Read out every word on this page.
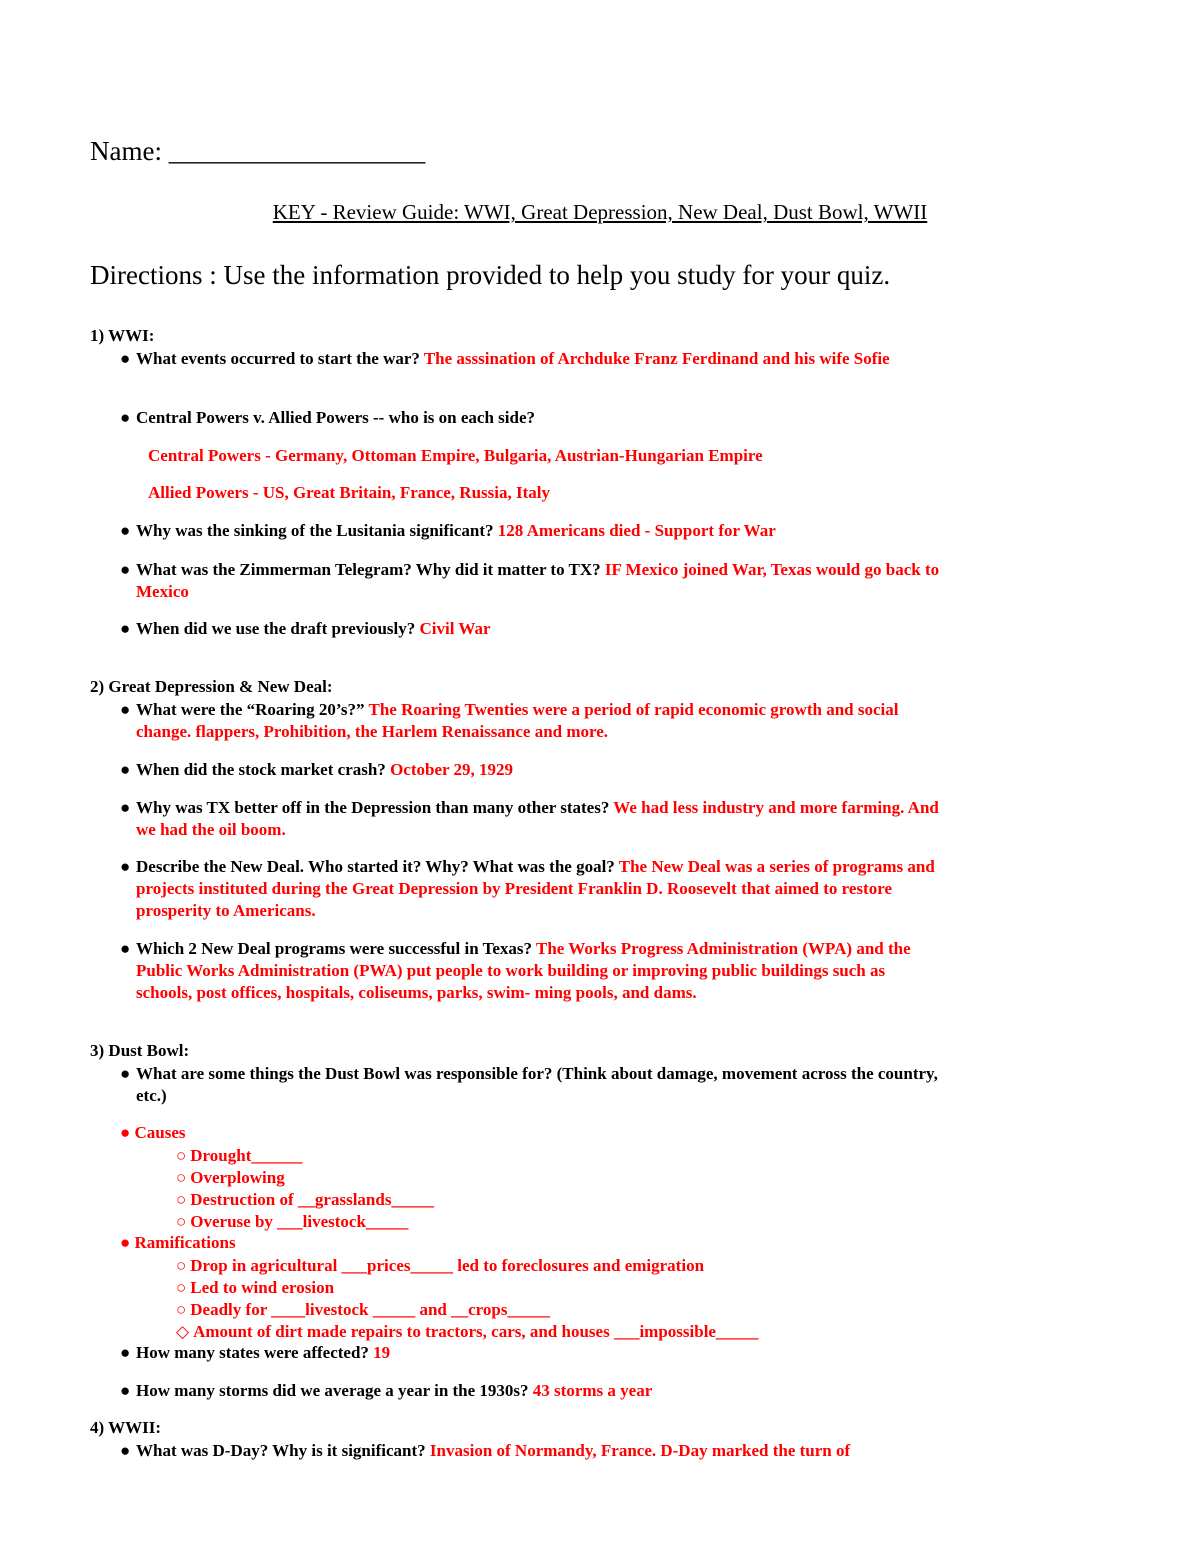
Name: ___________________
KEY - Review Guide: WWI, Great Depression, New Deal, Dust Bowl, WWII
Directions : Use the information provided to help you study for your quiz.
1) WWI:
● What events occurred to start the war? The asssination of Archduke Franz Ferdinand and his wife Sofie
● Central Powers v. Allied Powers -- who is on each side?
Central Powers - Germany, Ottoman Empire, Bulgaria, Austrian-Hungarian Empire
Allied Powers - US, Great Britain, France, Russia, Italy
● Why was the sinking of the Lusitania significant? 128 Americans died - Support for War
● What was the Zimmerman Telegram? Why did it matter to TX? IF Mexico joined War, Texas would go back to Mexico
● When did we use the draft previously? Civil War
2) Great Depression & New Deal:
● What were the “Roaring 20’s?” The Roaring Twenties were a period of rapid economic growth and social change. flappers, Prohibition, the Harlem Renaissance and more.
● When did the stock market crash? October 29, 1929
● Why was TX better off in the Depression than many other states? We had less industry and more farming. And we had the oil boom.
● Describe the New Deal. Who started it? Why? What was the goal? The New Deal was a series of programs and projects instituted during the Great Depression by President Franklin D. Roosevelt that aimed to restore prosperity to Americans.
● Which 2 New Deal programs were successful in Texas? The Works Progress Administration (WPA) and the Public Works Administration (PWA) put people to work building or improving public buildings such as schools, post offices, hospitals, coliseums, parks, swim- ming pools, and dams.
3) Dust Bowl:
● What are some things the Dust Bowl was responsible for? (Think about damage, movement across the country, etc.)
● Causes
○ Drought______
○ Overplowing
○ Destruction of __grasslands_____
○ Overuse by ___livestock_____
● Ramifications
○ Drop in agricultural ___prices_____ led to foreclosures and emigration
○ Led to wind erosion
○ Deadly for ____livestock _____ and __crops_____
◇ Amount of dirt made repairs to tractors, cars, and houses ___impossible_____
● How many states were affected? 19
● How many storms did we average a year in the 1930s? 43 storms a year
4) WWII:
● What was D-Day? Why is it significant? Invasion of Normandy, France. D-Day marked the turn of
